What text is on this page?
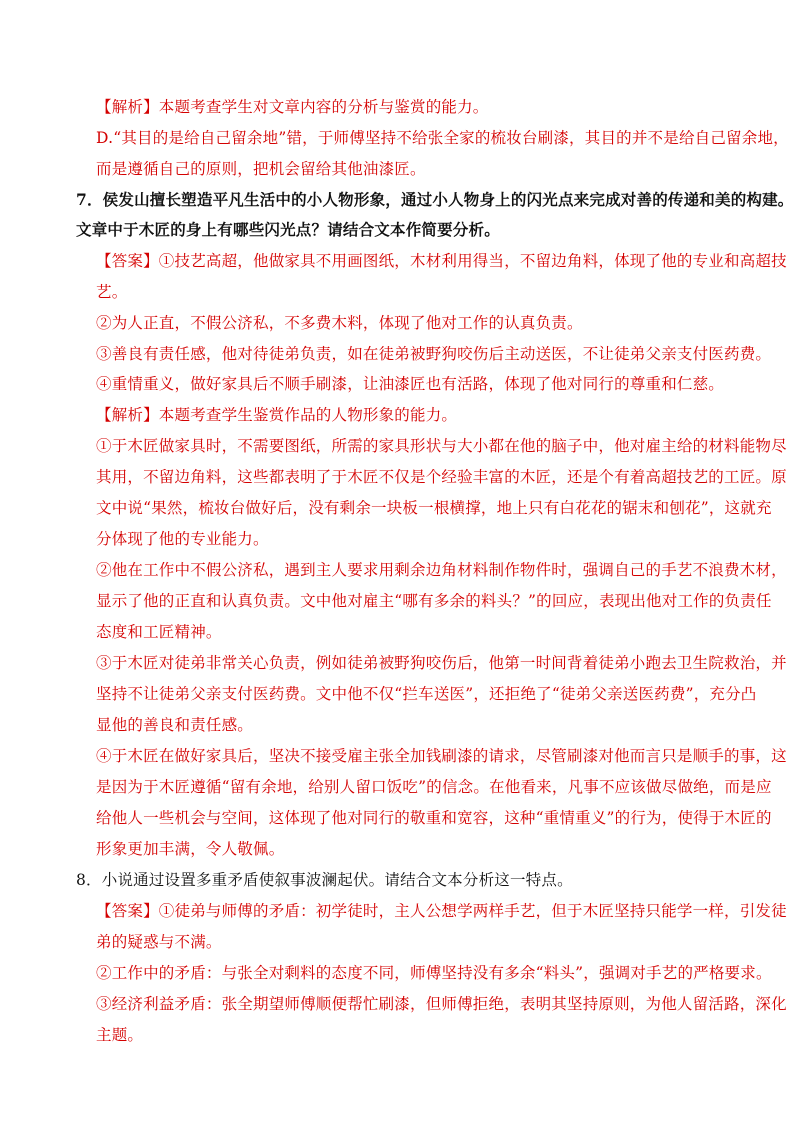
【解析】本题考查学生对文章内容的分析与鉴赏的能力。
D.“其目的是给自己留余地”错，于师傅坚持不给张全家的梳妆台刷漆，其目的并不是给自己留余地，
而是遵循自己的原则，把机会留给其他油漆匠。
7．侯发山擅长塑造平凡生活中的小人物形象，通过小人物身上的闪光点来完成对善的传递和美的构建。
文章中于木匠的身上有哪些闪光点？请结合文本作简要分析。
【答案】①技艺高超，他做家具不用画图纸，木材利用得当，不留边角料，体现了他的专业和高超技
艺。
②为人正直，不假公济私，不多费木料，体现了他对工作的认真负责。
③善良有责任感，他对待徒弟负责，如在徒弟被野狗咬伤后主动送医，不让徒弟父亲支付医药费。
④重情重义，做好家具后不顺手刷漆，让油漆匠也有活路，体现了他对同行的尊重和仁慈。
【解析】本题考查学生鉴赏作品的人物形象的能力。
①于木匠做家具时，不需要图纸，所需的家具形状与大小都在他的脑子中，他对雇主给的材料能物尽
其用，不留边角料，这些都表明了于木匠不仅是个经验丰富的木匠，还是个有着高超技艺的工匠。原
文中说“果然，梳妆台做好后，没有剩余一块板一根横撑，地上只有白花花的锯末和刨花”，这就充
分体现了他的专业能力。
②他在工作中不假公济私，遇到主人要求用剩余边角材料制作物件时，强调自己的手艺不浪费木材，
显示了他的正直和认真负责。文中他对雇主“哪有多余的料头？”的回应，表现出他对工作的负责任
态度和工匠精神。
③于木匠对徒弟非常关心负责，例如徒弟被野狗咬伤后，他第一时间背着徒弟小跑去卫生院救治，并
坚持不让徒弟父亲支付医药费。文中他不仅“拦车送医”，还拒绝了“徒弟父亲送医药费”，充分凸
显他的善良和责任感。
④于木匠在做好家具后，坚决不接受雇主张全加钱刷漆的请求，尽管刷漆对他而言只是顺手的事，这
是因为于木匠遵循“留有余地，给别人留口饭吃”的信念。在他看来，凡事不应该做尽做绝，而是应
给他人一些机会与空间，这体现了他对同行的敬重和宽容，这种“重情重义”的行为，使得于木匠的
形象更加丰满，令人敬佩。
8．小说通过设置多重矛盾使叙事波澜起伏。请结合文本分析这一特点。
【答案】①徒弟与师傅的矛盾：初学徒时，主人公想学两样手艺，但于木匠坚持只能学一样，引发徒
弟的疑惑与不满。
②工作中的矛盾：与张全对剩料的态度不同，师傅坚持没有多余“料头”，强调对手艺的严格要求。
③经济利益矛盾：张全期望师傅顺便帮忙刷漆，但师傅拒绝，表明其坚持原则，为他人留活路，深化
主题。
